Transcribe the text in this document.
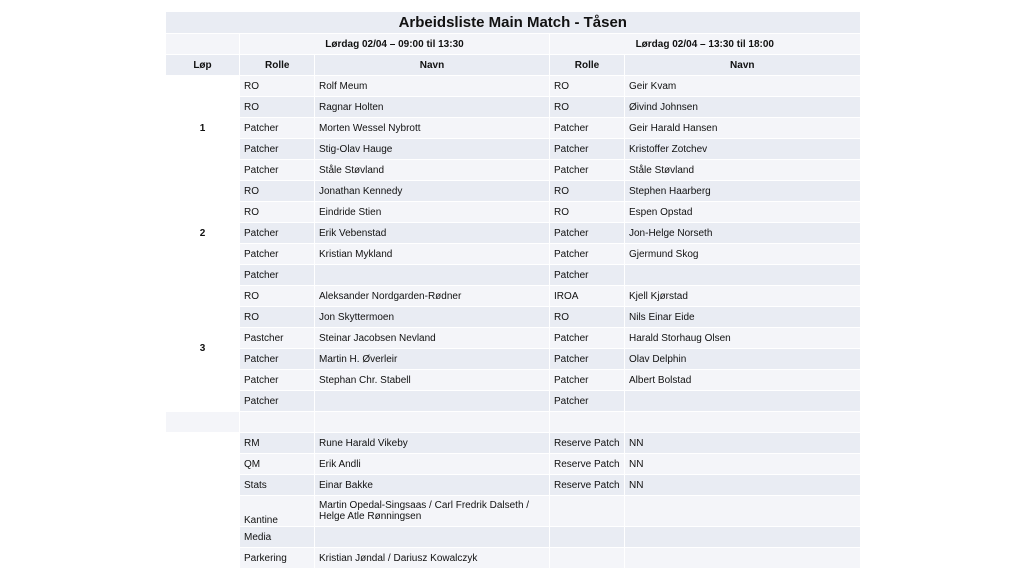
Arbeidsliste Main Match - Tåsen				
	Lørdag 02/04 – 09:00 til 13:30		Lørdag 02/04 – 13:30 til 18:00	
Løp	Rolle	Navn	Rolle	Navn
1	RO	Rolf Meum	RO	Geir Kvam
	RO	Ragnar Holten	RO	Øivind Johnsen
	Patcher	Morten Wessel Nybrott	Patcher	Geir Harald Hansen
	Patcher	Stig-Olav Hauge	Patcher	Kristoffer Zotchev
	Patcher	Ståle Støvland	Patcher	Ståle Støvland
2	RO	Jonathan Kennedy	RO	Stephen Haarberg
	RO	Eindride Stien	RO	Espen Opstad
	Patcher	Erik Vebenstad	Patcher	Jon-Helge Norseth
	Patcher	Kristian Mykland	Patcher	Gjermund Skog
	Patcher		Patcher	
3	RO	Aleksander Nordgarden-Rødner	IROA	Kjell Kjørstad
	RO	Jon Skyttermoen	RO	Nils Einar Eide
	Pastcher	Steinar Jacobsen Nevland	Patcher	Harald Storhaug Olsen
	Patcher	Martin H. Øverleir	Patcher	Olav Delphin
	Patcher	Stephan Chr. Stabell	Patcher	Albert Bolstad
	Patcher		Patcher	

	RM	Rune Harald Vikeby	Reserve Patch	NN
	QM	Erik Andli	Reserve Patch	NN
	Stats	Einar Bakke	Reserve Patch	NN
	Kantine	Martin Opedal-Singsaas / Carl Fredrik Dalseth / Helge Atle Rønningsen		
	Media			
	Parkering	Kristian Jøndal / Dariusz Kowalczyk		
